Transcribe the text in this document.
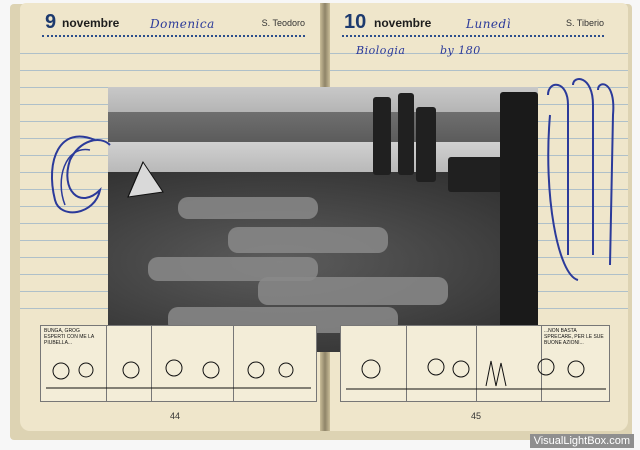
9 novembre	S. Teodoro
Domenica
44
10 novembre	S. Tiberio
Lunedì
Biologia	by 180
45
BUNGA, GROG ESPERTI CON ME LA PIUBELLA...
...NON BASTA SPRECARE, PER LE SUE BUONE AZIONI...
VisualLightBox.com
